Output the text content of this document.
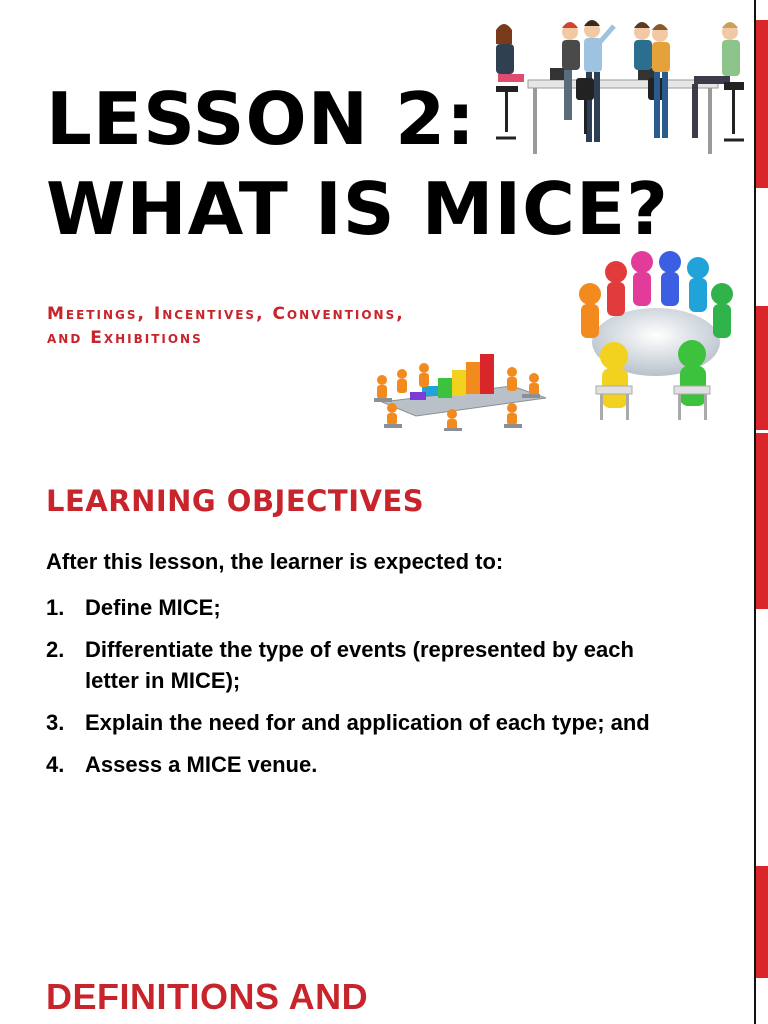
LESSON 2:
WHAT IS MICE?
Meetings, Incentives, Conventions,
and Exhibitions
LEARNING OBJECTIVES

After this lesson, the learner is expected to:

1. Define MICE;
2. Differentiate the type of events (represented by each letter in MICE);
3. Explain the need for and application of each type; and
4. Assess a MICE venue.
DEFINITIONS AND
